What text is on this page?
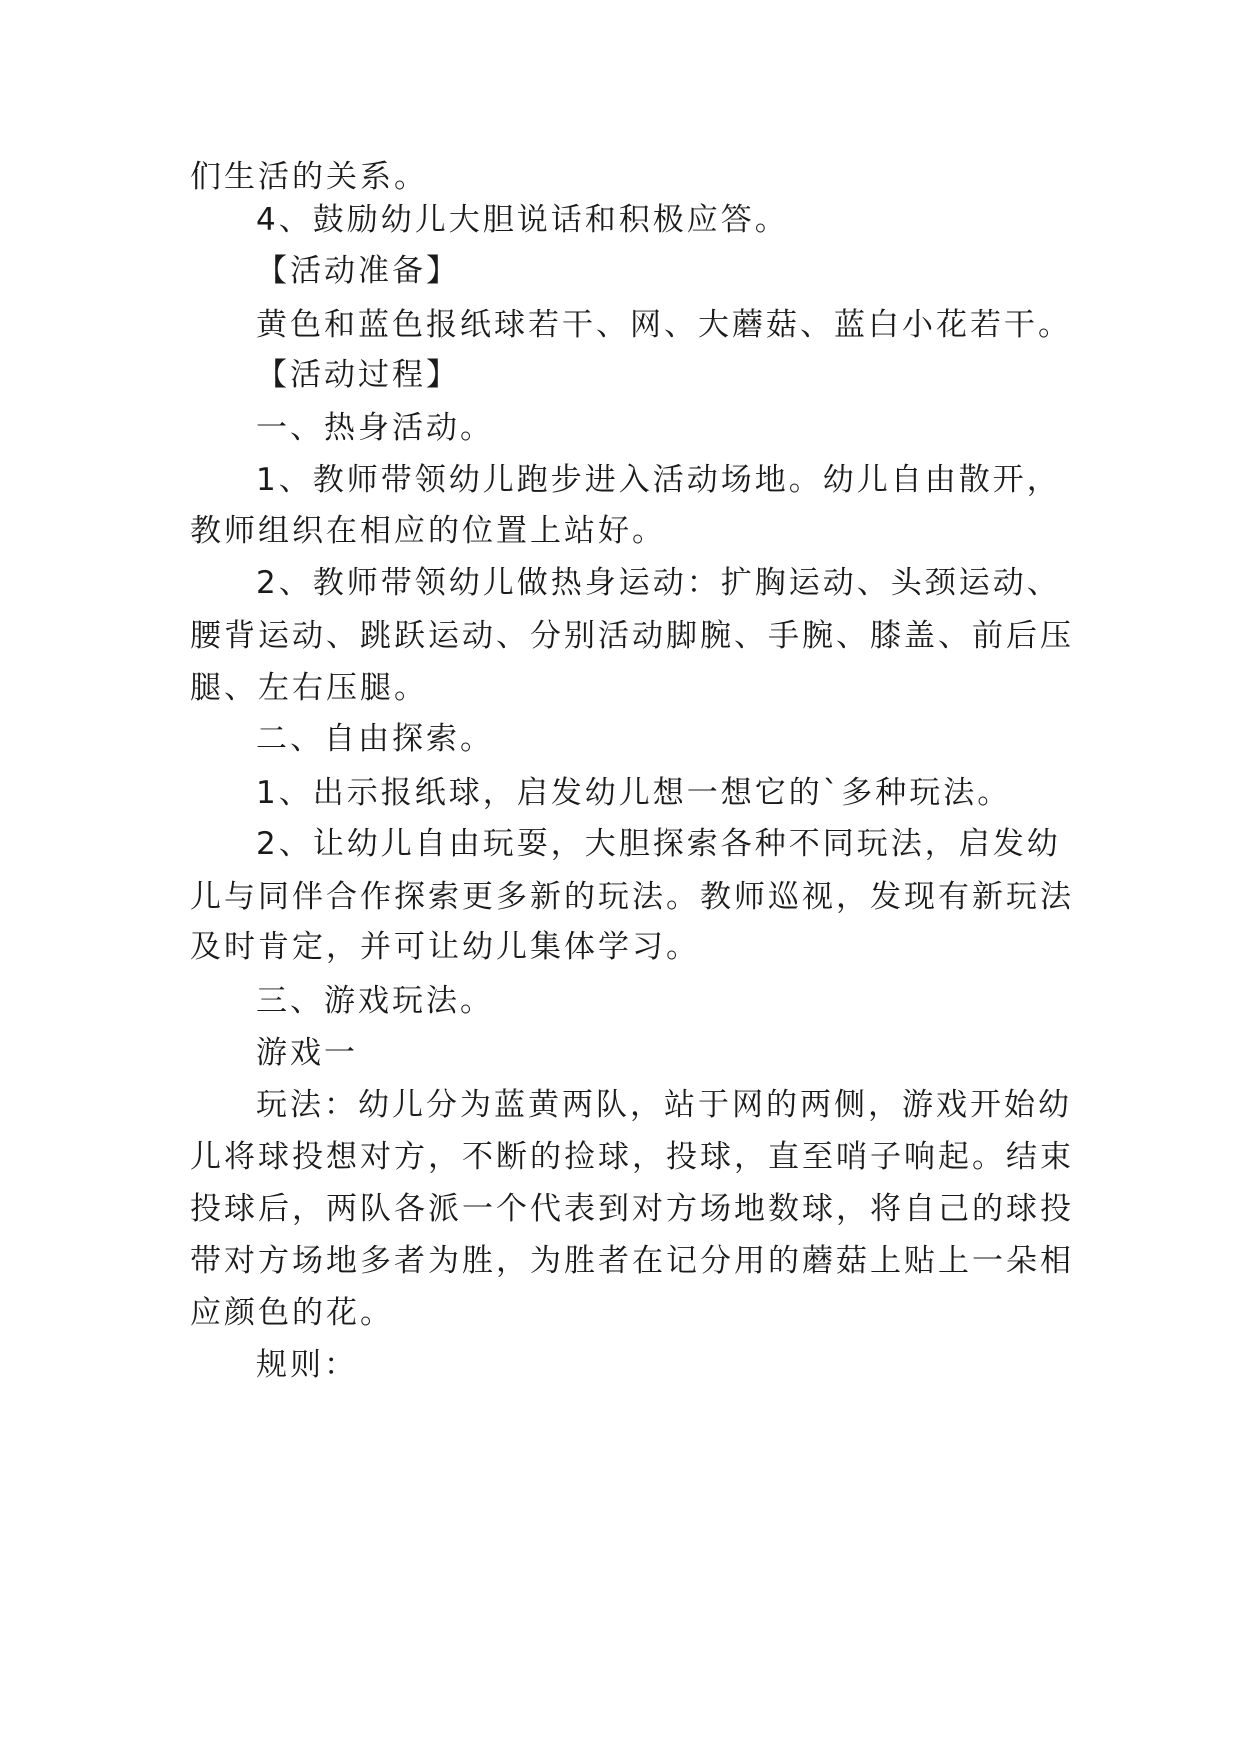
们生活的关系。
4、鼓励幼儿大胆说话和积极应答。
【活动准备】
黄色和蓝色报纸球若干、网、大蘑菇、蓝白小花若干。
【活动过程】
一、热身活动。
1、教师带领幼儿跑步进入活动场地。幼儿自由散开，
教师组织在相应的位置上站好。
2、教师带领幼儿做热身运动：扩胸运动、头颈运动、
腰背运动、跳跃运动、分别活动脚腕、手腕、膝盖、前后压
腿、左右压腿。
二、自由探索。
1、出示报纸球，启发幼儿想一想它的`多种玩法。
2、让幼儿自由玩耍，大胆探索各种不同玩法，启发幼
儿与同伴合作探索更多新的玩法。教师巡视，发现有新玩法
及时肯定，并可让幼儿集体学习。
三、游戏玩法。
游戏一
玩法：幼儿分为蓝黄两队，站于网的两侧，游戏开始幼
儿将球投想对方，不断的捡球，投球，直至哨子响起。结束
投球后，两队各派一个代表到对方场地数球，将自己的球投
带对方场地多者为胜，为胜者在记分用的蘑菇上贴上一朵相
应颜色的花。
规则：
